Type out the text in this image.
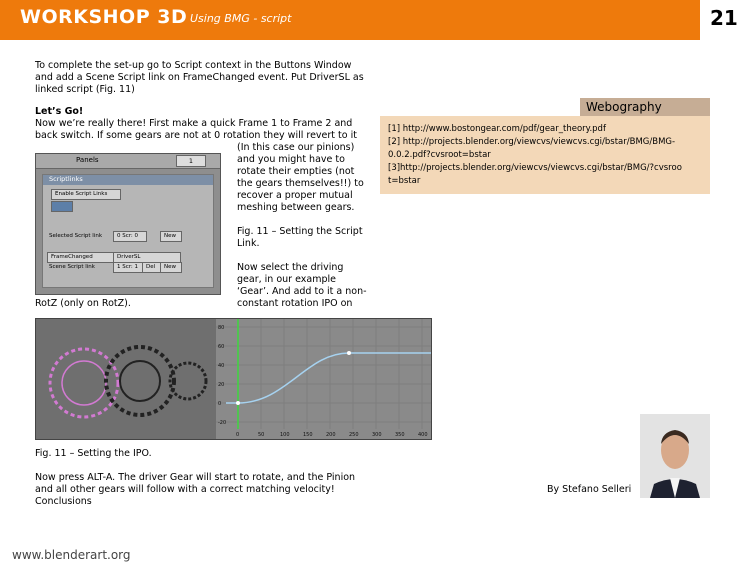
WORKSHOP 3D Using BMG - script	21
To complete the set-up go to Script context in the Buttons Window
and add a Scene Script link on FrameChanged event. Put DriverSL as
linked script (Fig. 11)
Let’s Go!
Now we’re really there! First make a quick Frame 1 to Frame 2 and
back switch. If some gears are not at 0 rotation they will revert to it
(In this case our pinions)
and you might have to
rotate their empties (not
the gears themselves!!) to
recover a proper mutual
meshing between gears.
Fig. 11 – Setting the Script
Link.
Now select the driving
gear, in our example
‘Gear’. And add to it a non-
constant rotation IPO on
Panels	1
Scriptlinks
Enable Script Links
Selected Script link	0 Scr: 0	New
FrameChanged	DriverSL
Scene Script link	1 Scr: 1	Del	New
RotZ (only on RotZ).
80
60
40
20
0
-20
0	50	100	150	200	250	300	350	400
Fig. 11 – Setting the IPO.
Now press ALT-A. The driver Gear will start to rotate, and the Pinion
and all other gears will follow with a correct matching velocity!
Conclusions
Webography
[1] http://www.bostongear.com/pdf/gear_theory.pdf
[2] http://projects.blender.org/viewcvs/viewcvs.cgi/bstar/BMG/BMG-
0.0.2.pdf?cvsroot=bstar
[3]http://projects.blender.org/viewcvs/viewcvs.cgi/bstar/BMG/?cvsroo
t=bstar
By Stefano Selleri
www.blenderart.org
